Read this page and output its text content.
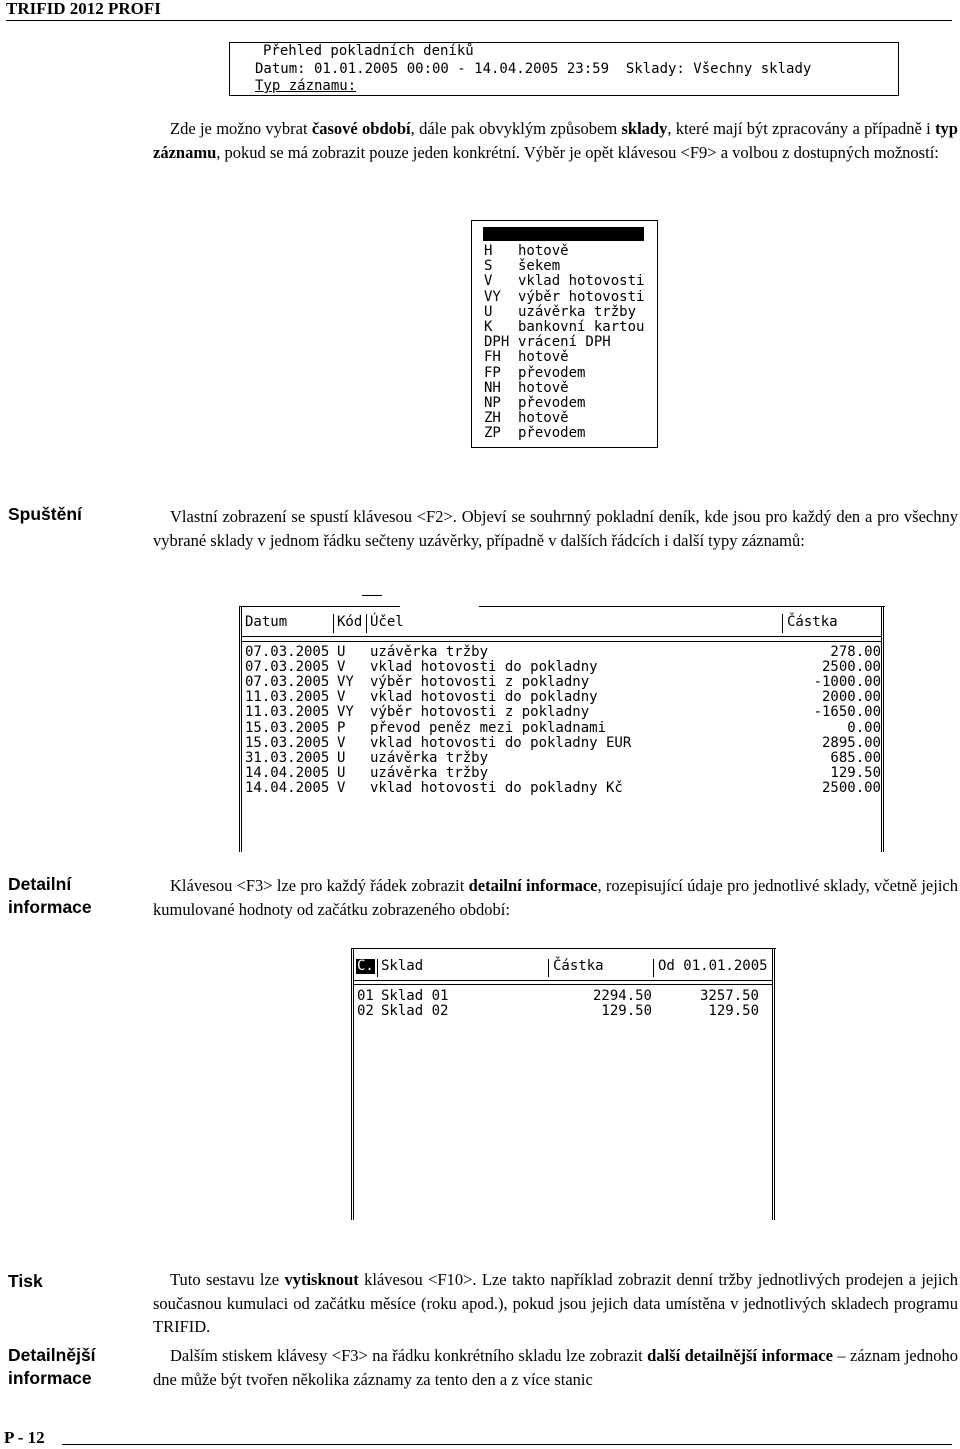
TRIFID 2012 PROFI
Přehled pokladních deníků
Datum: 01.01.2005 00:00 - 14.04.2005 23:59  Sklady: Všechny sklady
Typ záznamu:
Zde je možno vybrat časové období, dále pak obvyklým způsobem sklady, které mají být zpracovány a případně i typ záznamu, pokud se má zobrazit pouze jeden konkrétní. Výběr je opět klávesou <F9> a volbou z dostupných možností:
H hotově
S šekem
V vklad hotovosti
VY výběr hotovosti
U uzávěrka tržby
K bankovní kartou
DPH vrácení DPH
FH hotově
FP převodem
NH hotově
NP převodem
ZH hotově
ZP převodem
Spuštění	Vlastní zobrazení se spustí klávesou <F2>. Objeví se souhrnný pokladní deník, kde jsou pro každý den a pro všechny vybrané sklady v jednom řádku sečteny uzávěrky, případně v dalších řádcích i další typy záznamů:
Datum	Kód Účel	Částka
07.03.2005 U uzávěrka tržby	278.00
07.03.2005 V vklad hotovosti do pokladny	2500.00
07.03.2005 VY výběr hotovosti z pokladny	-1000.00
11.03.2005 V vklad hotovosti do pokladny	2000.00
11.03.2005 VY výběr hotovosti z pokladny	-1650.00
15.03.2005 P převod peněz mezi pokladnami	0.00
15.03.2005 V vklad hotovosti do pokladny EUR	2895.00
31.03.2005 U uzávěrka tržby	685.00
14.04.2005 U uzávěrka tržby	129.50
14.04.2005 V vklad hotovosti do pokladny Kč	2500.00
Detailní
informace
Klávesou <F3> lze pro každý řádek zobrazit detailní informace, rozepisující údaje pro jednotlivé sklady, včetně jejich kumulované hodnoty od začátku zobrazeného období:
Č. Sklad	Částka	Od 01.01.2005
01 Sklad 01	2294.50	3257.50
02 Sklad 02	129.50	129.50
Tisk	Tuto sestavu lze vytisknout klávesou <F10>. Lze takto například zobrazit denní tržby jednotlivých prodejen a jejich současnou kumulaci od začátku měsíce (roku apod.), pokud jsou jejich data umístěna v jednotlivých skladech programu TRIFID.
Detailnější
informace
Dalším stiskem klávesy <F3> na řádku konkrétního skladu lze zobrazit další detailnější informace – záznam jednoho dne může být tvořen několika záznamy za tento den a z více stanic
P - 12
